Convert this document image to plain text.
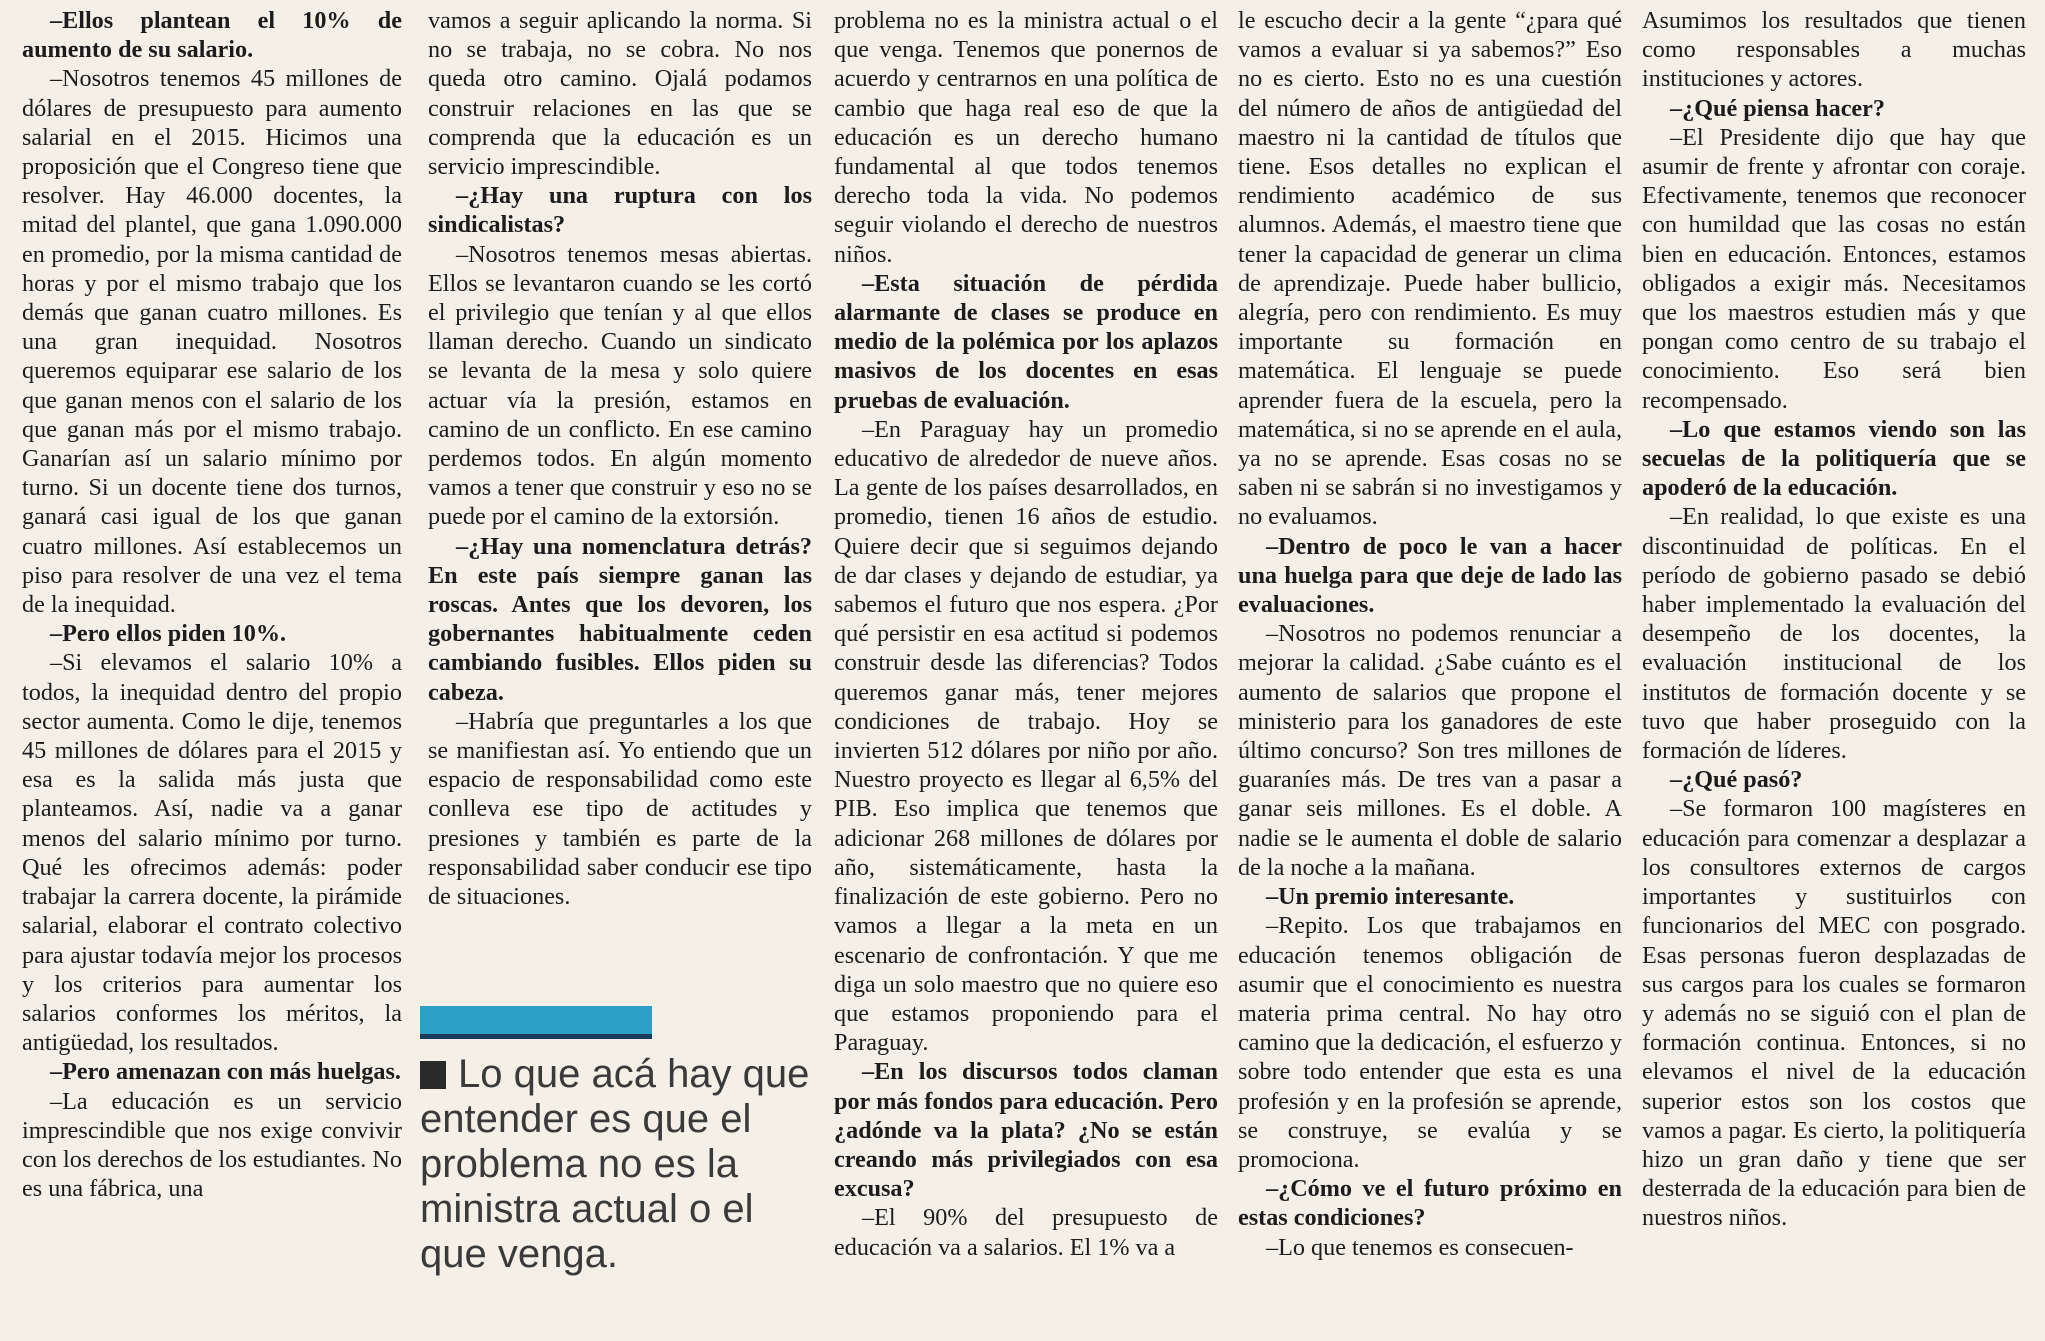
–Ellos plantean el 10% de aumento de su salario.

–Nosotros tenemos 45 millones de dólares de presupuesto para aumento salarial en el 2015. Hicimos una proposición que el Congreso tiene que resolver. Hay 46.000 docentes, la mitad del plantel, que gana 1.090.000 en promedio, por la misma cantidad de horas y por el mismo trabajo que los demás que ganan cuatro millones. Es una gran inequidad. Nosotros queremos equiparar ese salario de los que ganan menos con el salario de los que ganan más por el mismo trabajo. Ganarían así un salario mínimo por turno. Si un docente tiene dos turnos, ganará casi igual de los que ganan cuatro millones. Así establecemos un piso para resolver de una vez el tema de la inequidad.

–Pero ellos piden 10%.

–Si elevamos el salario 10% a todos, la inequidad dentro del propio sector aumenta. Como le dije, tenemos 45 millones de dólares para el 2015 y esa es la salida más justa que planteamos. Así, nadie va a ganar menos del salario mínimo por turno. Qué les ofrecimos además: poder trabajar la carrera docente, la pirámide salarial, elaborar el contrato colectivo para ajustar todavía mejor los procesos y los criterios para aumentar los salarios conformes los méritos, la antigüedad, los resultados.

–Pero amenazan con más huelgas.

–La educación es un servicio imprescindible que nos exige convivir con los derechos de los estudiantes. No es una fábrica, una

vamos a seguir aplicando la norma. Si no se trabaja, no se cobra. No nos queda otro camino. Ojalá podamos construir relaciones en las que se comprenda que la educación es un servicio imprescindible.

–¿Hay una ruptura con los sindicalistas?

–Nosotros tenemos mesas abiertas. Ellos se levantaron cuando se les cortó el privilegio que tenían y al que ellos llaman derecho. Cuando un sindicato se levanta de la mesa y solo quiere actuar vía la presión, estamos en camino de un conflicto. En ese camino perdemos todos. En algún momento vamos a tener que construir y eso no se puede por el camino de la extorsión.

–¿Hay una nomenclatura detrás? En este país siempre ganan las roscas. Antes que los devoren, los gobernantes habitualmente ceden cambiando fusibles. Ellos piden su cabeza.

–Habría que preguntarles a los que se manifiestan así. Yo entiendo que un espacio de responsabilidad como este conlleva ese tipo de actitudes y presiones y también es parte de la responsabilidad saber conducir ese tipo de situaciones.

problema no es la ministra actual o el que venga. Tenemos que ponernos de acuerdo y centrarnos en una política de cambio que haga real eso de que la educación es un derecho humano fundamental al que todos tenemos derecho toda la vida. No podemos seguir violando el derecho de nuestros niños.

–Esta situación de pérdida alarmante de clases se produce en medio de la polémica por los aplazos masivos de los docentes en esas pruebas de evaluación.

–En Paraguay hay un promedio educativo de alrededor de nueve años. La gente de los países desarrollados, en promedio, tienen 16 años de estudio. Quiere decir que si seguimos dejando de dar clases y dejando de estudiar, ya sabemos el futuro que nos espera. ¿Por qué persistir en esa actitud si podemos construir desde las diferencias? Todos queremos ganar más, tener mejores condiciones de trabajo. Hoy se invierten 512 dólares por niño por año. Nuestro proyecto es llegar al 6,5% del PIB. Eso implica que tenemos que adicionar 268 millones de dólares por año, sistemáticamente, hasta la finalización de este gobierno. Pero no vamos a llegar a la meta en un escenario de confrontación. Y que me diga un solo maestro que no quiere eso que estamos proponiendo para el Paraguay.

–En los discursos todos claman por más fondos para educación. Pero ¿adónde va la plata? ¿No se están creando más privilegiados con esa excusa?

–El 90% del presupuesto de educación va a salarios. El 1% va a

le escucho decir a la gente “¿para qué vamos a evaluar si ya sabemos?” Eso no es cierto. Esto no es una cuestión del número de años de antigüedad del maestro ni la cantidad de títulos que tiene. Esos detalles no explican el rendimiento académico de sus alumnos. Además, el maestro tiene que tener la capacidad de generar un clima de aprendizaje. Puede haber bullicio, alegría, pero con rendimiento. Es muy importante su formación en matemática. El lenguaje se puede aprender fuera de la escuela, pero la matemática, si no se aprende en el aula, ya no se aprende. Esas cosas no se saben ni se sabrán si no investigamos y no evaluamos.

–Dentro de poco le van a hacer una huelga para que deje de lado las evaluaciones.

–Nosotros no podemos renunciar a mejorar la calidad. ¿Sabe cuánto es el aumento de salarios que propone el ministerio para los ganadores de este último concurso? Son tres millones de guaraníes más. De tres van a pasar a ganar seis millones. Es el doble. A nadie se le aumenta el doble de salario de la noche a la mañana.

–Un premio interesante.

–Repito. Los que trabajamos en educación tenemos obligación de asumir que el conocimiento es nuestra materia prima central. No hay otro camino que la dedicación, el esfuerzo y sobre todo entender que esta es una profesión y en la profesión se aprende, se construye, se evalúa y se promociona.

–¿Cómo ve el futuro próximo en estas condiciones?

–Lo que tenemos es consecuen-

Asumimos los resultados que tienen como responsables a muchas instituciones y actores.

–¿Qué piensa hacer?

–El Presidente dijo que hay que asumir de frente y afrontar con coraje. Efectivamente, tenemos que reconocer con humildad que las cosas no están bien en educación. Entonces, estamos obligados a exigir más. Necesitamos que los maestros estudien más y que pongan como centro de su trabajo el conocimiento. Eso será bien recompensado.

–Lo que estamos viendo son las secuelas de la politiquería que se apoderó de la educación.

–En realidad, lo que existe es una discontinuidad de políticas. En el período de gobierno pasado se debió haber implementado la evaluación del desempeño de los docentes, la evaluación institucional de los institutos de formación docente y se tuvo que haber proseguido con la formación de líderes.

–¿Qué pasó?

–Se formaron 100 magísteres en educación para comenzar a desplazar a los consultores externos de cargos importantes y sustituirlos con funcionarios del MEC con posgrado. Esas personas fueron desplazadas de sus cargos para los cuales se formaron y además no se siguió con el plan de formación continua. Entonces, si no elevamos el nivel de la educación superior estos son los costos que vamos a pagar. Es cierto, la politiquería hizo un gran daño y tiene que ser desterrada de la educación para bien de nuestros niños.

Lo que acá hay que entender es que el problema no es la ministra actual o el que venga.
